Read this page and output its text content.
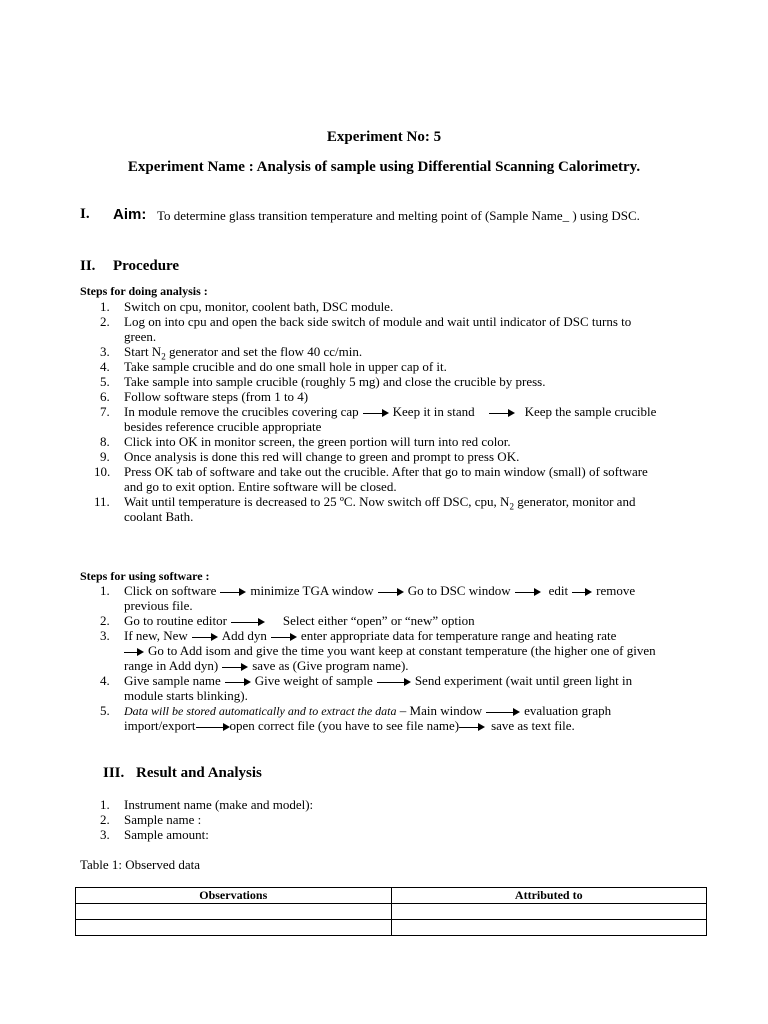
Experiment No: 5
Experiment Name : Analysis of sample using Differential Scanning Calorimetry.
I. Aim: To determine glass transition temperature and melting point of (Sample Name_ ) using DSC.
II. Procedure
Steps for doing analysis :
1. Switch on cpu, monitor, coolent bath, DSC module.
2. Log on into cpu and open the back side switch of module and wait until indicator of DSC turns to
green.
3. Start $N_2$ generator and set the flow 40 cc/min.
4. Take sample crucible and do one small hole in upper cap of it.
5. Take sample into sample crucible (roughly 5 mg) and close the crucible by press.
6. Follow software steps (from 1 to 4)
7. In module remove the crucibles covering cap	Keep it in stand	Keep the sample crucible
besides reference crucible appropriate
8. Click into OK in monitor screen, the green portion will turn into red color.
9. Once analysis is done this red will change to green and prompt to press OK.
10. Press OK tab of software and take out the crucible. After that go to main window (small) of software
and go to exit option. Entire software will be closed.
11. Wait until temperature is decreased to 25 ºC. Now switch off DSC, cpu, $N_2$ generator, monitor and
coolant Bath.
Steps for using software :
1. Click on software	minimize TGA window	Go to DSC window	edit remove
previous file.
2. Go to routine editor	Select either “open” or “new” option
3. If new, New	Add dyn	enter appropriate data for temperature range and heating rate
Go to Add isom and give the time you want keep at constant temperature (the higher one of given
range in Add dyn)	save as (Give program name).
4. Give sample name	Give weight of sample	Send experiment (wait until green light in
module starts blinking).
5. Data will be stored automatically and to extract the data – Main window	evaluation graph
import/export	open correct file (you have to see file name) save as text file.
III. Result and Analysis
1. Instrument name (make and model):
2. Sample name :
3. Sample amount:
Table 1: Observed data
Observations	Attributed to
